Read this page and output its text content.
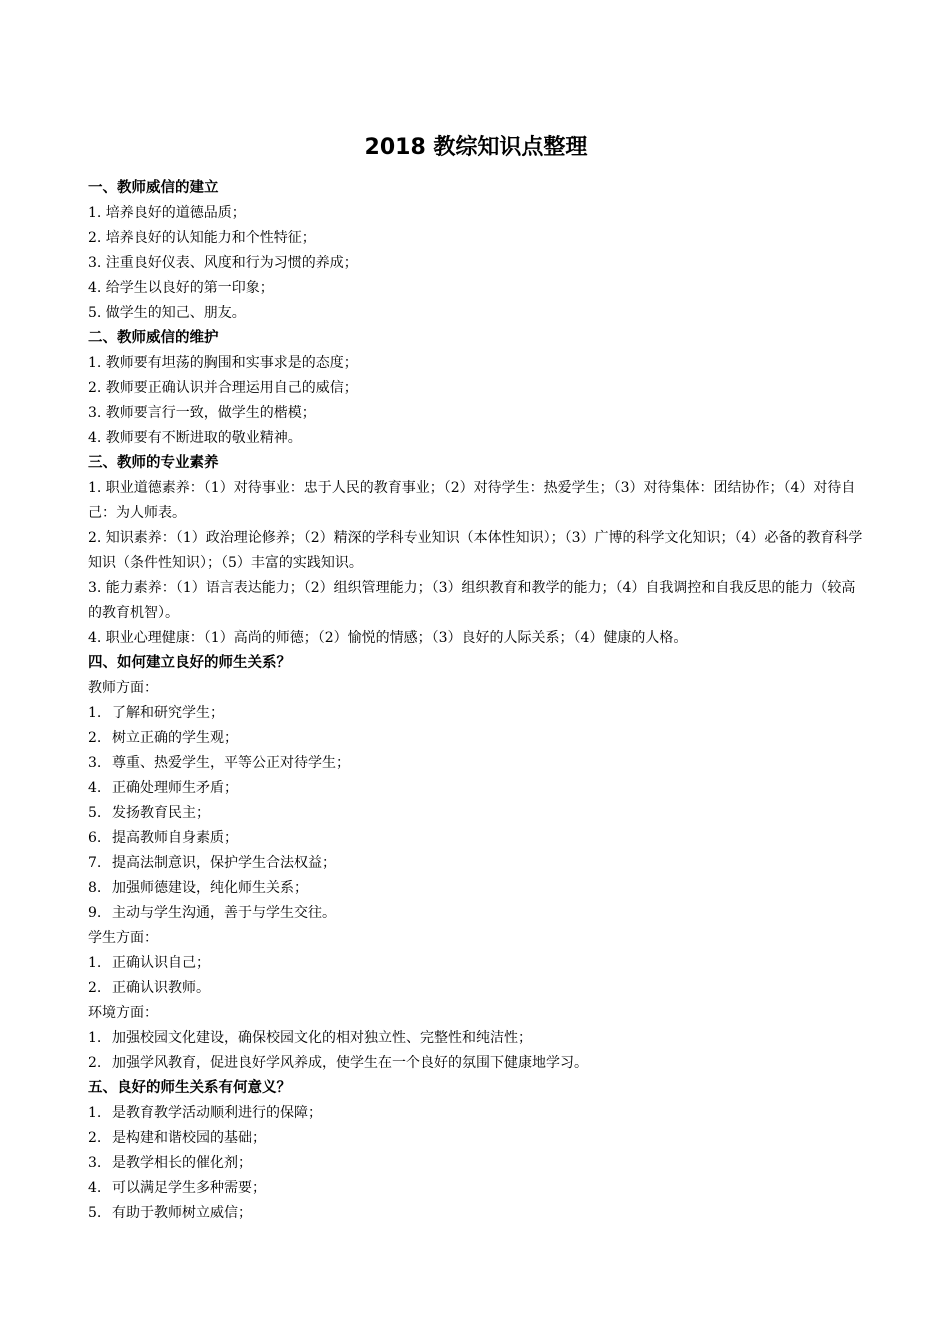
2018 教综知识点整理
一、教师威信的建立
1. 培养良好的道德品质；
2. 培养良好的认知能力和个性特征；
3. 注重良好仪表、风度和行为习惯的养成；
4. 给学生以良好的第一印象；
5. 做学生的知己、朋友。
二、教师威信的维护
1. 教师要有坦荡的胸围和实事求是的态度；
2. 教师要正确认识并合理运用自己的威信；
3. 教师要言行一致，做学生的楷模；
4. 教师要有不断进取的敬业精神。
三、教师的专业素养
1. 职业道德素养：（1）对待事业：忠于人民的教育事业；（2）对待学生：热爱学生；（3）对待集体：团结协作；（4）对待自己：为人师表。
2. 知识素养：（1）政治理论修养；（2）精深的学科专业知识（本体性知识）；（3）广博的科学文化知识；（4）必备的教育科学知识（条件性知识）；（5）丰富的实践知识。
3. 能力素养：（1）语言表达能力；（2）组织管理能力；（3）组织教育和教学的能力；（4）自我调控和自我反思的能力（较高的教育机智）。
4. 职业心理健康：（1）高尚的师德；（2）愉悦的情感；（3）良好的人际关系；（4）健康的人格。
四、如何建立良好的师生关系？
教师方面：
1. 了解和研究学生；
2. 树立正确的学生观；
3. 尊重、热爱学生，平等公正对待学生；
4. 正确处理师生矛盾；
5. 发扬教育民主；
6. 提高教师自身素质；
7. 提高法制意识，保护学生合法权益；
8. 加强师德建设，纯化师生关系；
9. 主动与学生沟通，善于与学生交往。
学生方面：
1. 正确认识自己；
2. 正确认识教师。
环境方面：
1. 加强校园文化建设，确保校园文化的相对独立性、完整性和纯洁性；
2. 加强学风教育，促进良好学风养成，使学生在一个良好的氛围下健康地学习。
五、良好的师生关系有何意义？
1. 是教育教学活动顺利进行的保障；
2. 是构建和谐校园的基础；
3. 是教学相长的催化剂；
4. 可以满足学生多种需要；
5. 有助于教师树立威信；
